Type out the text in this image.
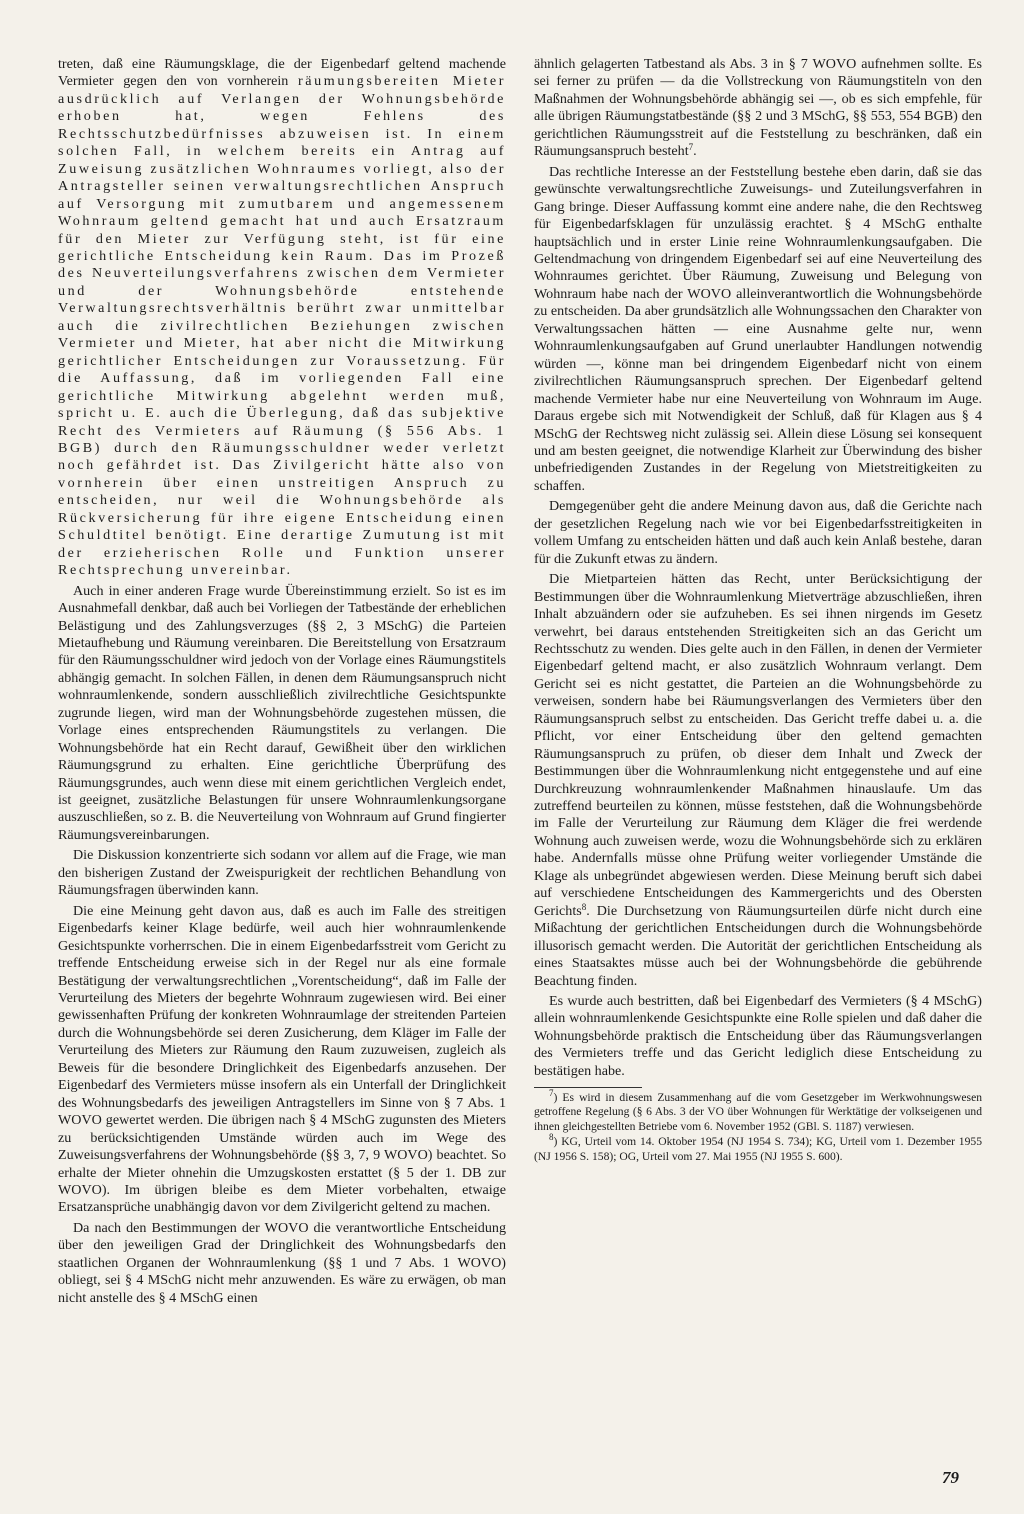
treten, daß eine Räumungsklage, die der Eigenbedarf geltend machende Vermieter gegen den von vornherein räumungsbereiten Mieter ausdrücklich auf Verlangen der Wohnungsbehörde erhoben hat, wegen Fehlens des Rechtsschutzbedürfnisses abzuweisen ist. In einem solchen Fall, in welchem bereits ein Antrag auf Zuweisung zusätzlichen Wohnraumes vorliegt, also der Antragsteller seinen verwaltungsrechtlichen Anspruch auf Versorgung mit zumutbarem und angemessenem Wohnraum geltend gemacht hat und auch Ersatzraum für den Mieter zur Verfügung steht, ist für eine gerichtliche Entscheidung kein Raum. Das im Prozeß des Neuverteilungsverfahrens zwischen dem Vermieter und der Wohnungsbehörde entstehende Verwaltungsrechtsverhältnis berührt zwar unmittelbar auch die zivilrechtlichen Beziehungen zwischen Vermieter und Mieter, hat aber nicht die Mitwirkung gerichtlicher Entscheidungen zur Voraussetzung. Für die Auffassung, daß im vorliegenden Fall eine gerichtliche Mitwirkung abgelehnt werden muß, spricht u. E. auch die Überlegung, daß das subjektive Recht des Vermieters auf Räumung (§ 556 Abs. 1 BGB) durch den Räumungsschuldner weder verletzt noch gefährdet ist. Das Zivilgericht hätte also von vornherein über einen unstreitigen Anspruch zu entscheiden, nur weil die Wohnungsbehörde als Rückversicherung für ihre eigene Entscheidung einen Schuldtitel benötigt. Eine derartige Zumutung ist mit der erzieherischen Rolle und Funktion unserer Rechtsprechung unvereinbar.

Auch in einer anderen Frage wurde Übereinstimmung erzielt. So ist es im Ausnahmefall denkbar, daß auch bei Vorliegen der Tatbestände der erheblichen Belästigung und des Zahlungsverzuges (§§ 2, 3 MSchG) die Parteien Mietaufhebung und Räumung vereinbaren. Die Bereitstellung von Ersatzraum für den Räumungsschuldner wird jedoch von der Vorlage eines Räumungstitels abhängig gemacht. In solchen Fällen, in denen dem Räumungsanspruch nicht wohnraumlenkende, sondern ausschließlich zivilrechtliche Gesichtspunkte zugrunde liegen, wird man der Wohnungsbehörde zugestehen müssen, die Vorlage eines entsprechenden Räumungstitels zu verlangen. Die Wohnungsbehörde hat ein Recht darauf, Gewißheit über den wirklichen Räumungsgrund zu erhalten. Eine gerichtliche Überprüfung des Räumungsgrundes, auch wenn diese mit einem gerichtlichen Vergleich endet, ist geeignet, zusätzliche Belastungen für unsere Wohnraumlenkungsorgane auszuschließen, so z. B. die Neuverteilung von Wohnraum auf Grund fingierter Räumungsvereinbarungen.

Die Diskussion konzentrierte sich sodann vor allem auf die Frage, wie man den bisherigen Zustand der Zweispurigkeit der rechtlichen Behandlung von Räumungsfragen überwinden kann.

Die eine Meinung geht davon aus, daß es auch im Falle des streitigen Eigenbedarfs keiner Klage bedürfe, weil auch hier wohnraumlenkende Gesichtspunkte vorherrschen. Die in einem Eigenbedarfsstreit vom Gericht zu treffende Entscheidung erweise sich in der Regel nur als eine formale Bestätigung der verwaltungsrechtlichen „Vorentscheidung“, daß im Falle der Verurteilung des Mieters der begehrte Wohnraum zugewiesen wird. Bei einer gewissenhaften Prüfung der konkreten Wohnraumlage der streitenden Parteien durch die Wohnungsbehörde sei deren Zusicherung, dem Kläger im Falle der Verurteilung des Mieters zur Räumung den Raum zuzuweisen, zugleich als Beweis für die besondere Dringlichkeit des Eigenbedarfs anzusehen. Der Eigenbedarf des Vermieters müsse insofern als ein Unterfall der Dringlichkeit des Wohnungsbedarfs des jeweiligen Antragstellers im Sinne von § 7 Abs. 1 WOVO gewertet werden. Die übrigen nach § 4 MSchG zugunsten des Mieters zu berücksichtigenden Umstände würden auch im Wege des Zuweisungsverfahrens der Wohnungsbehörde (§§ 3, 7, 9 WOVO) beachtet. So erhalte der Mieter ohnehin die Umzugskosten erstattet (§ 5 der 1. DB zur WOVO). Im übrigen bleibe es dem Mieter vorbehalten, etwaige Ersatzansprüche unabhängig davon vor dem Zivilgericht geltend zu machen.

Da nach den Bestimmungen der WOVO die verantwortliche Entscheidung über den jeweiligen Grad der Dringlichkeit des Wohnungsbedarfs den staatlichen Organen der Wohnraumlenkung (§§ 1 und 7 Abs. 1 WOVO) obliegt, sei § 4 MSchG nicht mehr anzuwenden. Es wäre zu erwägen, ob man nicht anstelle des § 4 MSchG einen

ähnlich gelagerten Tatbestand als Abs. 3 in § 7 WOVO aufnehmen sollte. Es sei ferner zu prüfen — da die Vollstreckung von Räumungstiteln von den Maßnahmen der Wohnungsbehörde abhängig sei —, ob es sich empfehle, für alle übrigen Räumungstatbestände (§§ 2 und 3 MSchG, §§ 553, 554 BGB) den gerichtlichen Räumungsstreit auf die Feststellung zu beschränken, daß ein Räumungsanspruch besteht$^7$.

Das rechtliche Interesse an der Feststellung bestehe eben darin, daß sie das gewünschte verwaltungsrechtliche Zuweisungs- und Zuteilungsverfahren in Gang bringe. Dieser Auffassung kommt eine andere nahe, die den Rechtsweg für Eigenbedarfsklagen für unzulässig erachtet. § 4 MSchG enthalte hauptsächlich und in erster Linie reine Wohnraumlenkungsaufgaben. Die Geltendmachung von dringendem Eigenbedarf sei auf eine Neuverteilung des Wohnraumes gerichtet. Über Räumung, Zuweisung und Belegung von Wohnraum habe nach der WOVO alleinverantwortlich die Wohnungsbehörde zu entscheiden. Da aber grundsätzlich alle Wohnungssachen den Charakter von Verwaltungssachen hätten — eine Ausnahme gelte nur, wenn Wohnraumlenkungsaufgaben auf Grund unerlaubter Handlungen notwendig würden —, könne man bei dringendem Eigenbedarf nicht von einem zivilrechtlichen Räumungsanspruch sprechen. Der Eigenbedarf geltend machende Vermieter habe nur eine Neuverteilung von Wohnraum im Auge. Daraus ergebe sich mit Notwendigkeit der Schluß, daß für Klagen aus § 4 MSchG der Rechtsweg nicht zulässig sei. Allein diese Lösung sei konsequent und am besten geeignet, die notwendige Klarheit zur Überwindung des bisher unbefriedigenden Zustandes in der Regelung von Mietstreitigkeiten zu schaffen.

Demgegenüber geht die andere Meinung davon aus, daß die Gerichte nach der gesetzlichen Regelung nach wie vor bei Eigenbedarfsstreitigkeiten in vollem Umfang zu entscheiden hätten und daß auch kein Anlaß bestehe, daran für die Zukunft etwas zu ändern.

Die Mietparteien hätten das Recht, unter Berücksichtigung der Bestimmungen über die Wohnraumlenkung Mietverträge abzuschließen, ihren Inhalt abzuändern oder sie aufzuheben. Es sei ihnen nirgends im Gesetz verwehrt, bei daraus entstehenden Streitigkeiten sich an das Gericht um Rechtsschutz zu wenden. Dies gelte auch in den Fällen, in denen der Vermieter Eigenbedarf geltend macht, er also zusätzlich Wohnraum verlangt. Dem Gericht sei es nicht gestattet, die Parteien an die Wohnungsbehörde zu verweisen, sondern habe bei Räumungsverlangen des Vermieters über den Räumungsanspruch selbst zu entscheiden. Das Gericht treffe dabei u. a. die Pflicht, vor einer Entscheidung über den geltend gemachten Räumungsanspruch zu prüfen, ob dieser dem Inhalt und Zweck der Bestimmungen über die Wohnraumlenkung nicht entgegenstehe und auf eine Durchkreuzung wohnraumlenkender Maßnahmen hinauslaufe. Um das zutreffend beurteilen zu können, müsse feststehen, daß die Wohnungsbehörde im Falle der Verurteilung zur Räumung dem Kläger die frei werdende Wohnung auch zuweisen werde, wozu die Wohnungsbehörde sich zu erklären habe. Andernfalls müsse ohne Prüfung weiter vorliegender Umstände die Klage als unbegründet abgewiesen werden. Diese Meinung beruft sich dabei auf verschiedene Entscheidungen des Kammergerichts und des Obersten Gerichts$^8$. Die Durchsetzung von Räumungsurteilen dürfe nicht durch eine Mißachtung der gerichtlichen Entscheidungen durch die Wohnungsbehörde illusorisch gemacht werden. Die Autorität der gerichtlichen Entscheidung als eines Staatsaktes müsse auch bei der Wohnungsbehörde die gebührende Beachtung finden.

Es wurde auch bestritten, daß bei Eigenbedarf des Vermieters (§ 4 MSchG) allein wohnraumlenkende Gesichtspunkte eine Rolle spielen und daß daher die Wohnungsbehörde praktisch die Entscheidung über das Räumungsverlangen des Vermieters treffe und das Gericht lediglich diese Entscheidung zu bestätigen habe.

$^7$) Es wird in diesem Zusammenhang auf die vom Gesetzgeber im Werkwohnungswesen getroffene Regelung (§ 6 Abs. 3 der VO über Wohnungen für Werktätige der volkseigenen und ihnen gleichgestellten Betriebe vom 6. November 1952 (GBl. S. 1187) verwiesen.

$^8$) KG, Urteil vom 14. Oktober 1954 (NJ 1954 S. 734); KG, Urteil vom 1. Dezember 1955 (NJ 1956 S. 158); OG, Urteil vom 27. Mai 1955 (NJ 1955 S. 600).

79
